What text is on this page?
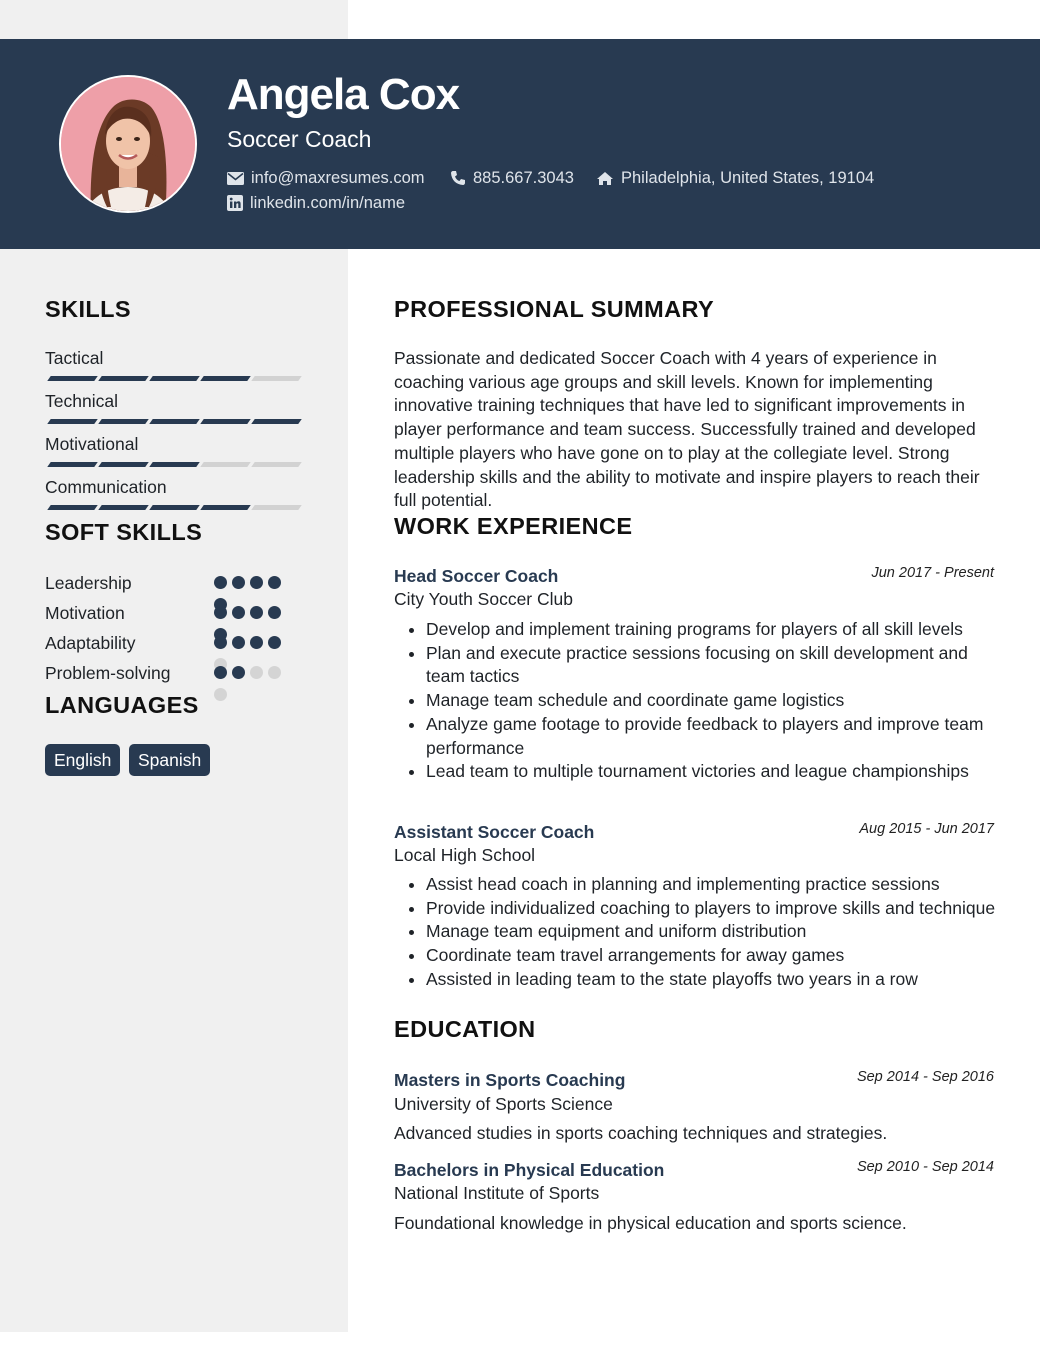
Angela Cox
Soccer Coach
info@maxresumes.com	885.667.3043	Philadelphia, United States, 19104
linkedin.com/in/name
SKILLS
Tactical
Technical
Motivational
Communication
SOFT SKILLS
Leadership
Motivation
Adaptability
Problem-solving
LANGUAGES
English	Spanish
PROFESSIONAL SUMMARY

Passionate and dedicated Soccer Coach with 4 years of experience in coaching various age groups and skill levels. Known for implementing innovative training techniques that have led to significant improvements in player performance and team success. Successfully trained and developed multiple players who have gone on to play at the collegiate level. Strong leadership skills and the ability to motivate and inspire players to reach their full potential.

WORK EXPERIENCE
Head Soccer Coach	Jun 2017 - Present
City Youth Soccer Club
• Develop and implement training programs for players of all skill levels
• Plan and execute practice sessions focusing on skill development and team tactics
• Manage team schedule and coordinate game logistics
• Analyze game footage to provide feedback to players and improve team performance
• Lead team to multiple tournament victories and league championships
Assistant Soccer Coach	Aug 2015 - Jun 2017
Local High School
• Assist head coach in planning and implementing practice sessions
• Provide individualized coaching to players to improve skills and technique
• Manage team equipment and uniform distribution
• Coordinate team travel arrangements for away games
• Assisted in leading team to the state playoffs two years in a row
EDUCATION
Masters in Sports Coaching	Sep 2014 - Sep 2016
University of Sports Science
Advanced studies in sports coaching techniques and strategies.
Bachelors in Physical Education	Sep 2010 - Sep 2014
National Institute of Sports
Foundational knowledge in physical education and sports science.
